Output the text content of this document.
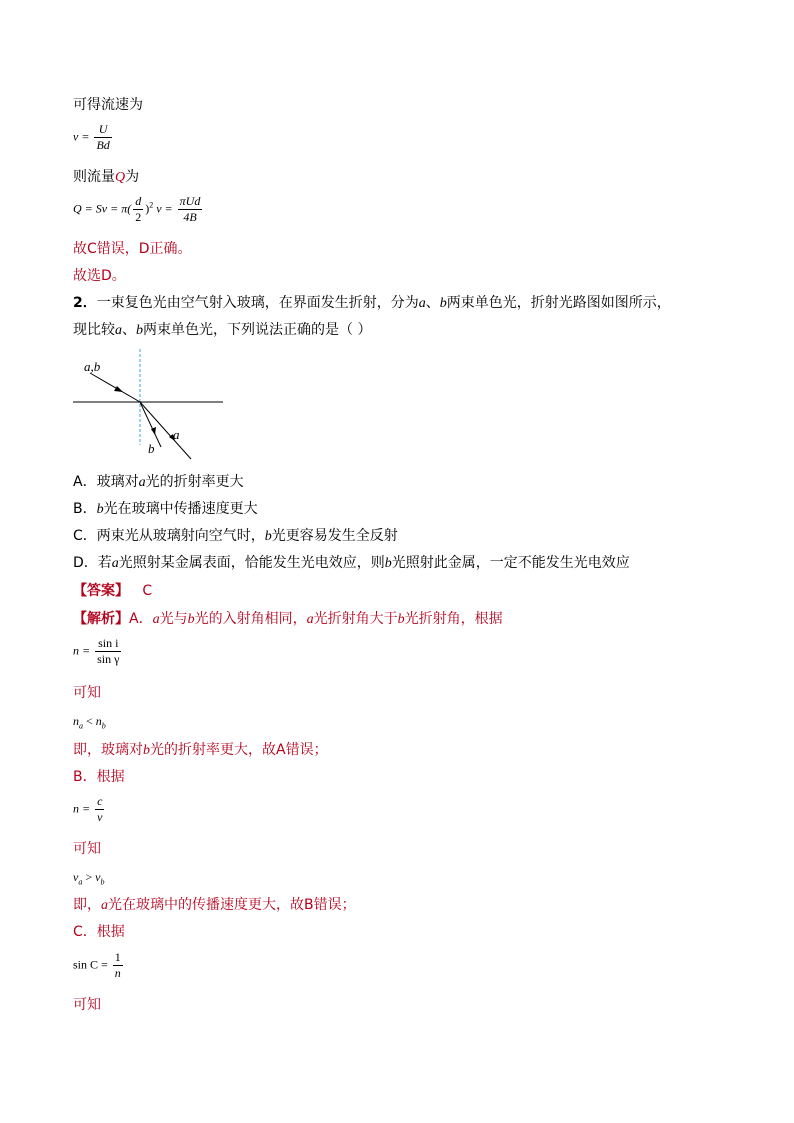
可得流速为
$v = \frac{U}{Bd}$
则流量Q为
$Q = Sv = \pi( \frac{d}{2} )^2$ $v = \frac{\text{πUd}}{4B}$
故C错误，D正确。
故选D。
2．一束复色光由空气射入玻璃，在界面发生折射，分为a、b两束单色光，折射光路图如图所示，
现比较a、b两束单色光，下列说法正确的是（ ）
a,b
a
b
A．玻璃对a光的折射率更大
B．b光在玻璃中传播速度更大
C．两束光从玻璃射向空气时，b光更容易发生全反射
D．若a光照射某金属表面，恰能发生光电效应，则b光照射此金属，一定不能发生光电效应
【答案】 C
【解析】A．a光与b光的入射角相同，a光折射角大于b光折射角，根据
$n = \frac{\text{sin i}}{\text{sin γ}}$
可知
$n_a < n_b$
即，玻璃对b光的折射率更大，故A错误；
B．根据
$n = \frac{c}{v}$
可知
$v_a > v_b$
即，a光在玻璃中的传播速度更大，故B错误；
C．根据
$\sin C = \frac{1}{n}$
可知
